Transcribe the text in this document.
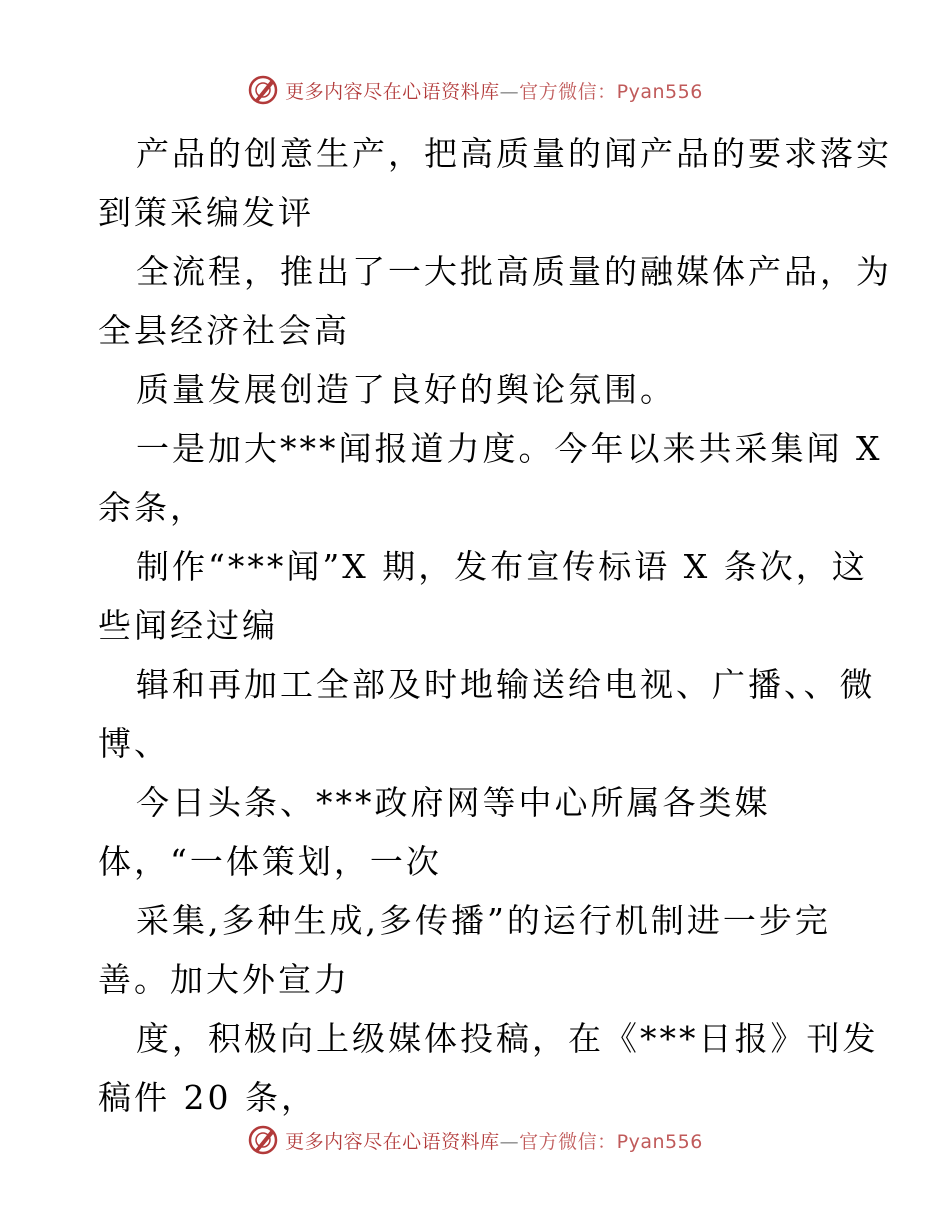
更多内容尽在心语资料库—官方微信：Pyan556
产品的创意生产，把高质量的闻产品的要求落实
到策采编发评
全流程，推出了一大批高质量的融媒体产品，为
全县经济社会高
质量发展创造了良好的舆论氛围。
一是加大***闻报道力度。今年以来共采集闻 X
余条，
制作“***闻”X 期，发布宣传标语 X 条次，这
些闻经过编
辑和再加工全部及时地输送给电视、广播、、微
博、
今日头条、***政府网等中心所属各类媒
体，“一体策划，一次
采集,多种生成,多传播”的运行机制进一步完
善。加大外宣力
度，积极向上级媒体投稿，在《***日报》刊发
稿件 20 条，
更多内容尽在心语资料库—官方微信：Pyan556
